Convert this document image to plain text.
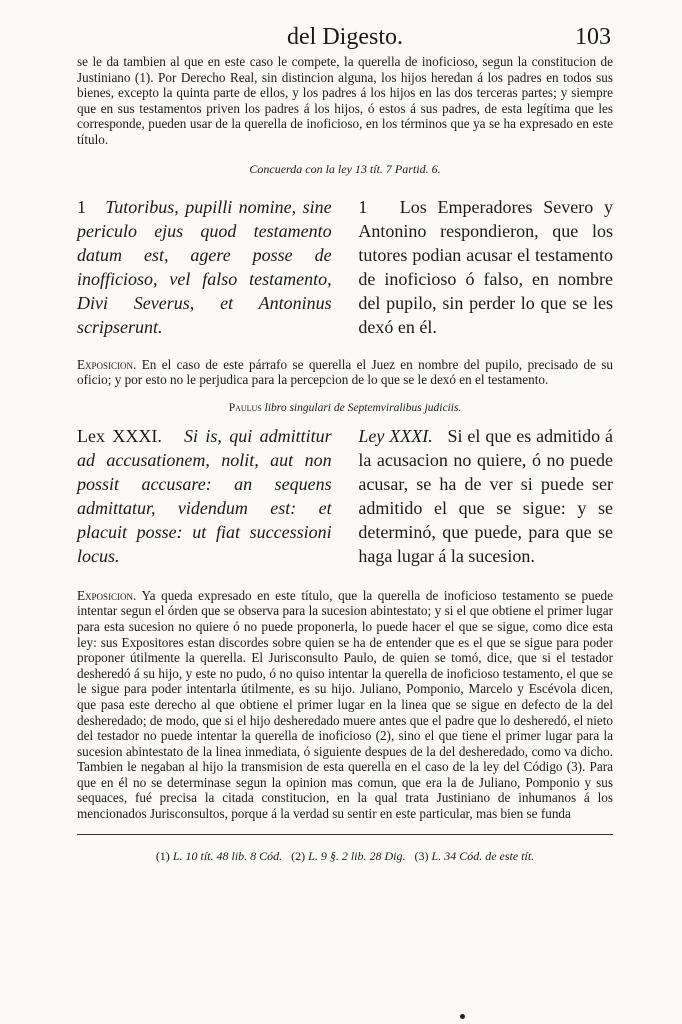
del Digesto.	103

se le da tambien al que en este caso le compete, la querella de inoficioso, segun la constitucion de Justiniano (1). Por Derecho Real, sin distincion alguna, los hijos heredan á los padres en todos sus bienes, excepto la quinta parte de ellos, y los padres á los hijos en las dos terceras partes; y siempre que en sus testamentos priven los padres á los hijos, ó estos á sus padres, de esta legítima que les corresponde, pueden usar de la querella de inoficioso, en los términos que ya se ha expresado en este título.

Concuerda con la ley 13 tít. 7 Partid. 6.
1 Tutoribus, pupilli nomine, sine periculo ejus quod testamento datum est, agere posse de inofficioso, vel falso testamento, Divi Severus, et Antoninus scripserunt.
1 Los Emperadores Severo y Antonino respondieron, que los tutores podian acusar el testamento de inoficioso ó falso, en nombre del pupilo, sin perder lo que se les dexó en él.

Exposicion. En el caso de este párrafo se querella el Juez en nombre del pupilo, precisado de su oficio; y por esto no le perjudica para la percepcion de lo que se le dexó en el testamento.

Paulus libro singulari de Septemviralibus judiciis.
Lex XXXI. Si is, qui admittitur ad accusationem, nolit, aut non possit accusare: an sequens admittatur, videndum est: et placuit posse: ut fiat successioni locus.
Ley XXXI. Si el que es admitido á la acusacion no quiere, ó no puede acusar, se ha de ver si puede ser admitido el que se sigue: y se determinó, que puede, para que se haga lugar á la sucesion.

Exposicion. Ya queda expresado en este título, que la querella de inoficioso testamento se puede intentar segun el órden que se observa para la sucesion abintestato; y si el que obtiene el primer lugar para esta sucesion no quiere ó no puede proponerla, lo puede hacer el que se sigue, como dice esta ley: sus Expositores estan discordes sobre quien se ha de entender que es el que se sigue para poder proponer útilmente la querella. El Jurisconsulto Paulo, de quien se tomó, dice, que si el testador desheredó á su hijo, y este no pudo, ó no quiso intentar la querella de inoficioso testamento, el que se le sigue para poder intentarla útilmente, es su hijo. Juliano, Pomponio, Marcelo y Escévola dicen, que pasa este derecho al que obtiene el primer lugar en la linea que se sigue en defecto de la del desheredado; de modo, que si el hijo desheredado muere antes que el padre que lo desheredó, el nieto del testador no puede intentar la querella de inoficioso (2), sino el que tiene el primer lugar para la sucesion abintestato de la linea inmediata, ó siguiente despues de la del desheredado, como va dicho. Tambien le negaban al hijo la transmision de esta querella en el caso de la ley del Código (3). Para que en él no se determinase segun la opinion mas comun, que era la de Juliano, Pomponio y sus sequaces, fué precisa la citada constitucion, en la qual trata Justiniano de inhumanos á los mencionados Jurisconsultos, porque á la verdad su sentir en este particular, mas bien se funda

(1) L. 10 tít. 48 lib. 8 Cód. (2) L. 9 §. 2 lib. 28 Dig. (3) L. 34 Cód. de este tít.
